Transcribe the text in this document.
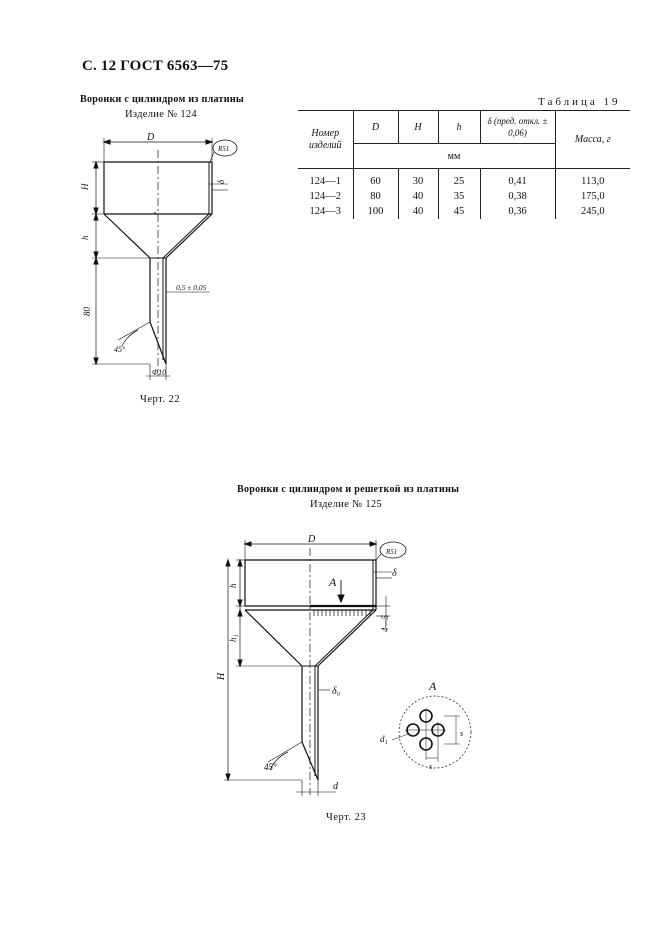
С. 12 ГОСТ 6563—75
Воронки с цилиндром из платины
Изделие № 124
Таблица 19
Номер изделий	D	H	h	δ (пред. откл. ± 0,06)	Масса, г
	мм				
124—1	60	30	25	0,41	113,0
124—2	80	40	35	0,38	175,0
124—3	100	40	45	0,36	245,0
D
H
h
80
δ
0,5 ± 0,05
45°
Φ10
R51
D
h
h₁
H
A
δ
4—5
R51
δ₀
d
45°
A
d₁
s
s
Черт. 22
Воронки с цилиндром и решеткой из платины
Изделие № 125
Черт. 23
